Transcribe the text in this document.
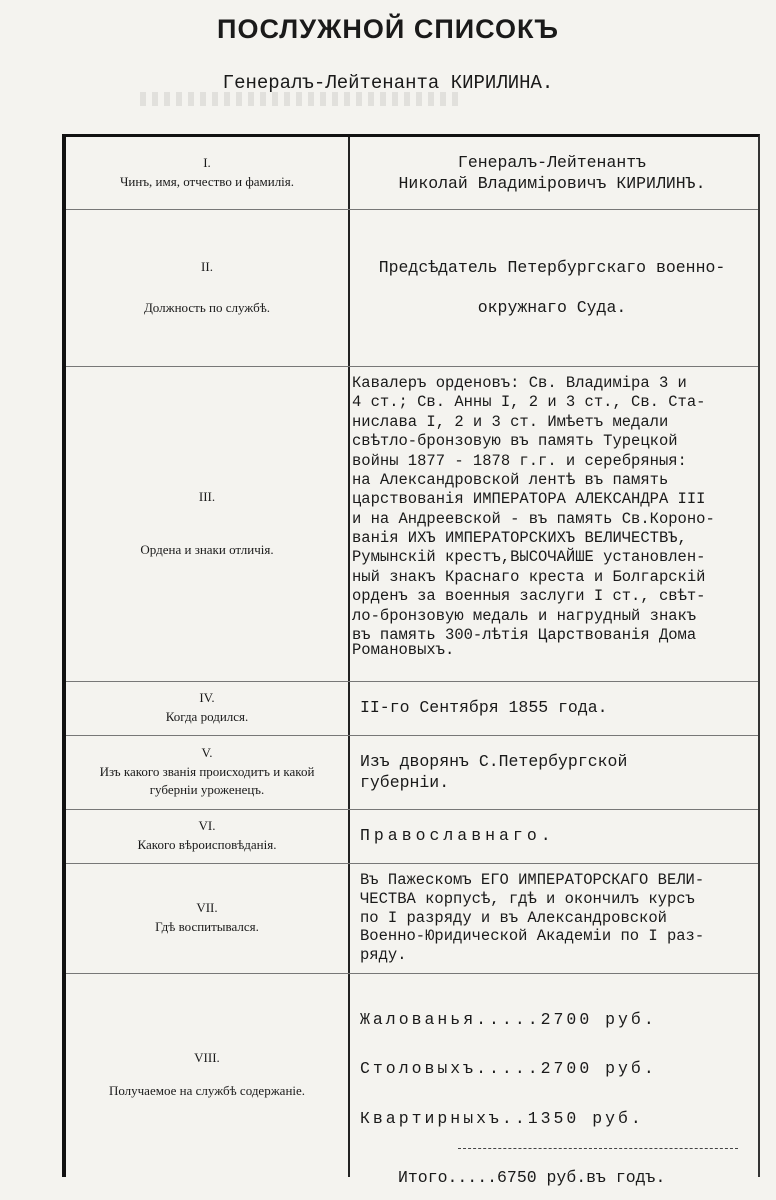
ПОСЛУЖНОЙ СПИСОКЪ
Генералъ-Лейтенанта КИРИЛИНА.
I.
Чинъ, имя, отчество и фамилія.
Генералъ-Лейтенантъ
Николай Владиміровичъ КИРИЛИНЪ.
II.
Должность по службѣ.
Предсѣдатель Петербургскаго военно-
окружнаго Суда.
III.
Ордена и знаки отличія.
Кавалеръ орденовъ: Св. Владиміра 3 и
4 ст.; Св. Анны I, 2 и 3 ст., Св. Ста-
нислава I, 2 и 3 ст. Имѣетъ медали
свѣтло-бронзовую въ память Турецкой
войны 1877 - 1878 г.г. и серебряныя:
на Александровской лентѣ въ память
царствованія ИМПЕРАТОРА АЛЕКСАНДРА III
и на Андреевской - въ память Св.Короно-
ванія ИХЪ ИМПЕРАТОРСКИХЪ ВЕЛИЧЕСТВЪ,
Румынскій крестъ,ВЫСОЧАЙШЕ установлен-
ный знакъ Краснаго креста и Болгарскій
орденъ за военныя заслуги I ст., свѣт-
ло-бронзовую медаль и нагрудный знакъ
въ память 300-лѣтія Царствованія Дома
Романовыхъ.
IV.
Когда родился.	II-го Сентября 1855 года.
V.
Изъ какого званія происходитъ и какой губерніи уроженецъ.
Изъ дворянъ С.Петербургской
губерніи.
VI.
Какого вѣроисповѣданія.	Православнаго.
VII.
Гдѣ воспитывался.
Въ Пажескомъ ЕГО ИМПЕРАТОРСКАГО ВЕЛИ-
ЧЕСТВА корпусѣ, гдѣ и окончилъ курсъ
по I разряду и въ Александровской
Военно-Юридической Академіи по I раз-
ряду.
VIII.
Получаемое на службѣ содержаніе.
Жалованья.....2700 руб.
Столовыхъ.....2700 руб.
Квартирныхъ..1350 руб.
Итого.....6750 руб.въ годъ.
